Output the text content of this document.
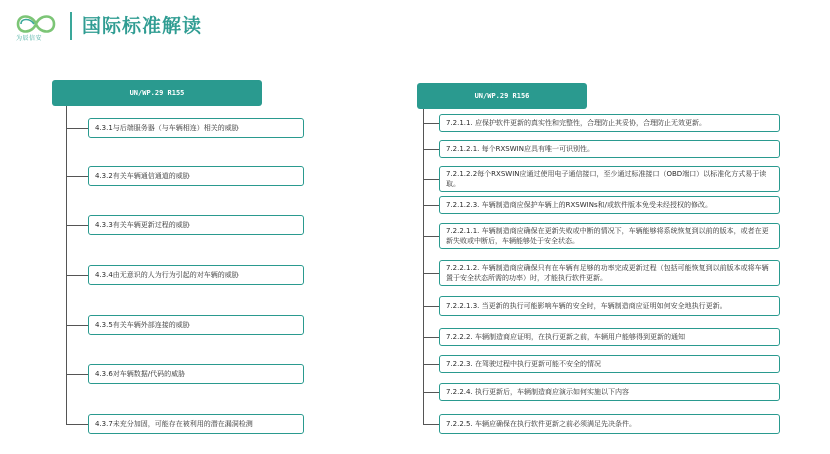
为辰信安
国际标准解读
UN/WP.29 R155
4.3.1与后端服务器（与车辆相连）相关的威胁
4.3.2有关车辆通信通道的威胁
4.3.3有关车辆更新过程的威胁
4.3.4由无意识的人为行为引起的对车辆的威胁
4.3.5有关车辆外部连接的威胁
4.3.6对车辆数据/代码的威胁
4.3.7未充分加固，可能存在被利用的潜在漏洞检测
UN/WP.29 R156
7.2.1.1. 应保护软件更新的真实性和完整性，合理防止其妥协，合理防止无效更新。
7.2.1.2.1. 每个RXSWIN应具有唯一可识别性。
7.2.1.2.2每个RXSWIN应通过使用电子通信接口，至少通过标准接口（OBD端口）以标准化方式易于读取。
7.2.1.2.3. 车辆制造商应保护车辆上的RXSWINs和/或软件版本免受未经授权的修改。
7.2.2.1.1. 车辆制造商应确保在更新失败或中断的情况下，车辆能够将系统恢复到以前的版本，或者在更新失败或中断后，车辆能够处于安全状态。
7.2.2.1.2. 车辆制造商应确保只有在车辆有足够的功率完成更新过程（包括可能恢复到以前版本或将车辆置于安全状态所需的功率）时，才能执行软件更新。
7.2.2.1.3. 当更新的执行可能影响车辆的安全时，车辆制造商应证明如何安全地执行更新。
7.2.2.2. 车辆制造商应证明，在执行更新之前，车辆用户能够得到更新的通知
7.2.2.3. 在驾驶过程中执行更新可能不安全的情况
7.2.2.4. 执行更新后，车辆制造商应演示如何实施以下内容
7.2.2.5. 车辆应确保在执行软件更新之前必须满足先决条件。
